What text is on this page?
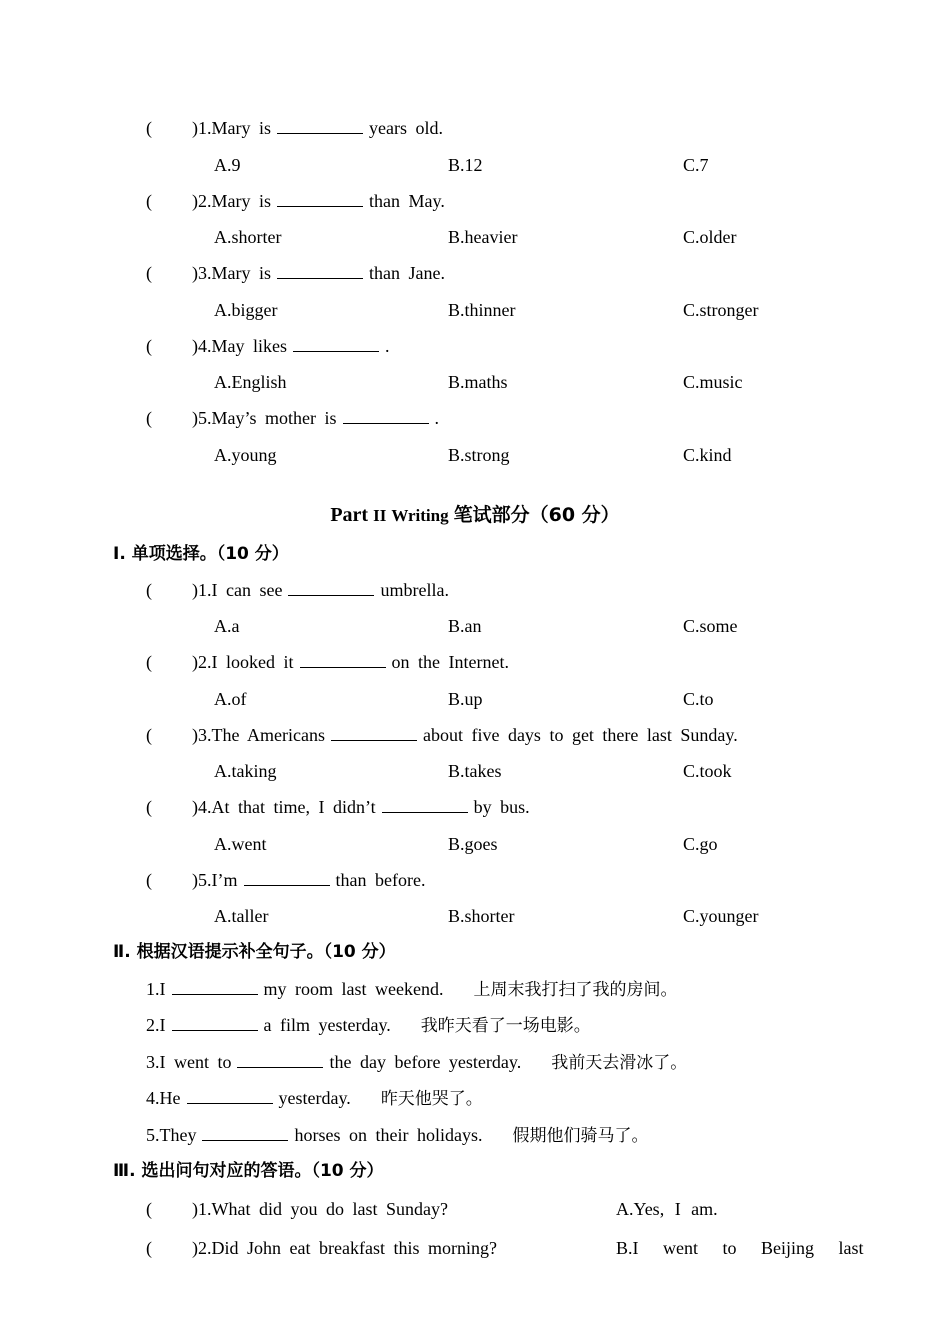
( )1.Mary is	years old.
A.9	B.12	C.7
( )2.Mary is	than May.
A.shorter	B.heavier	C.older
( )3.Mary is	than Jane.
A.bigger	B.thinner	C.stronger
( )4.May likes	.
A.English	B.maths	C.music
( )5.May’s mother is	.
A.young	B.strong	C.kind
Part II Writing 笔试部分（60 分）
Ⅰ. 单项选择。（10 分）
( )1.I can see	umbrella.
A.a	B.an	C.some
( )2.I looked it	on the Internet.
A.of	B.up	C.to
( )3.The Americans	about five days to get there last Sunday.
A.taking	B.takes	C.took
( )4.At that time, I didn’t	by bus.
A.went	B.goes	C.go
( )5.I’m	than before.
A.taller	B.shorter	C.younger
Ⅱ. 根据汉语提示补全句子。（10 分）
1.I	my room last weekend. 上周末我打扫了我的房间。
2.I	a film yesterday. 我昨天看了一场电影。
3.I went to	the day before yesterday. 我前天去滑冰了。
4.He	yesterday. 昨天他哭了。
5.They	horses on their holidays. 假期他们骑马了。
Ⅲ. 选出问句对应的答语。（10 分）
( )1.What did you do last Sunday?	A.Yes, I am.
( )2.Did John eat breakfast this morning?	B.I went to Beijing last
